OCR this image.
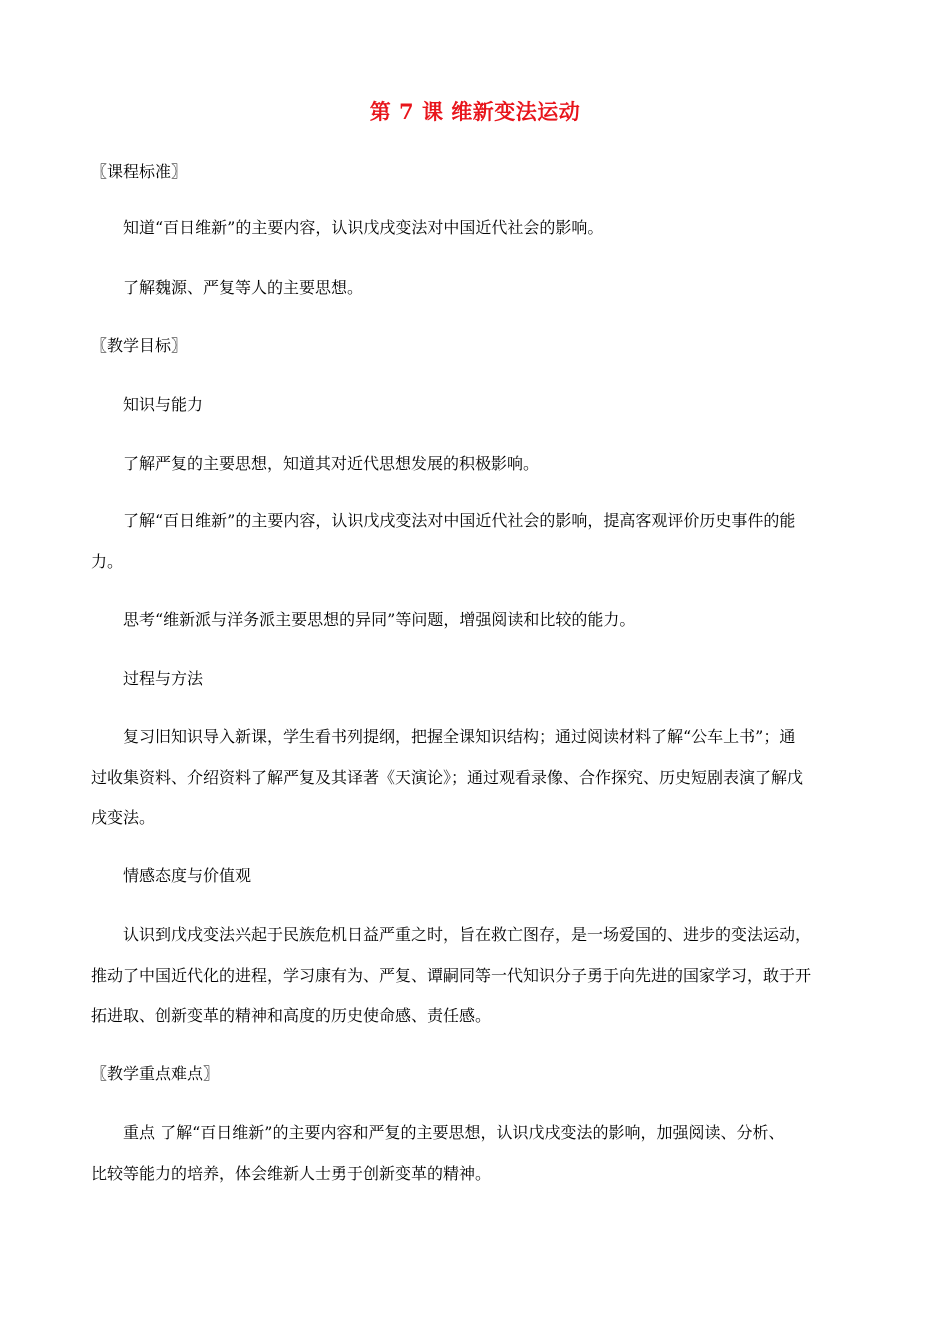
第 7 课 维新变法运动

〖课程标准〗

知道“百日维新”的主要内容，认识戊戌变法对中国近代社会的影响。

了解魏源、严复等人的主要思想。

〖教学目标〗

知识与能力

了解严复的主要思想，知道其对近代思想发展的积极影响。

了解“百日维新”的主要内容，认识戊戌变法对中国近代社会的影响，提高客观评价历史事件的能

力。

思考“维新派与洋务派主要思想的异同”等问题，增强阅读和比较的能力。

过程与方法

复习旧知识导入新课，学生看书列提纲，把握全课知识结构；通过阅读材料了解“公车上书”；通

过收集资料、介绍资料了解严复及其译著《天演论》；通过观看录像、合作探究、历史短剧表演了解戊

戌变法。

情感态度与价值观

认识到戊戌变法兴起于民族危机日益严重之时，旨在救亡图存，是一场爱国的、进步的变法运动，

推动了中国近代化的进程，学习康有为、严复、谭嗣同等一代知识分子勇于向先进的国家学习，敢于开

拓进取、创新变革的精神和高度的历史使命感、责任感。

〖教学重点难点〗

重点 了解“百日维新”的主要内容和严复的主要思想，认识戊戌变法的影响，加强阅读、分析、

比较等能力的培养，体会维新人士勇于创新变革的精神。
